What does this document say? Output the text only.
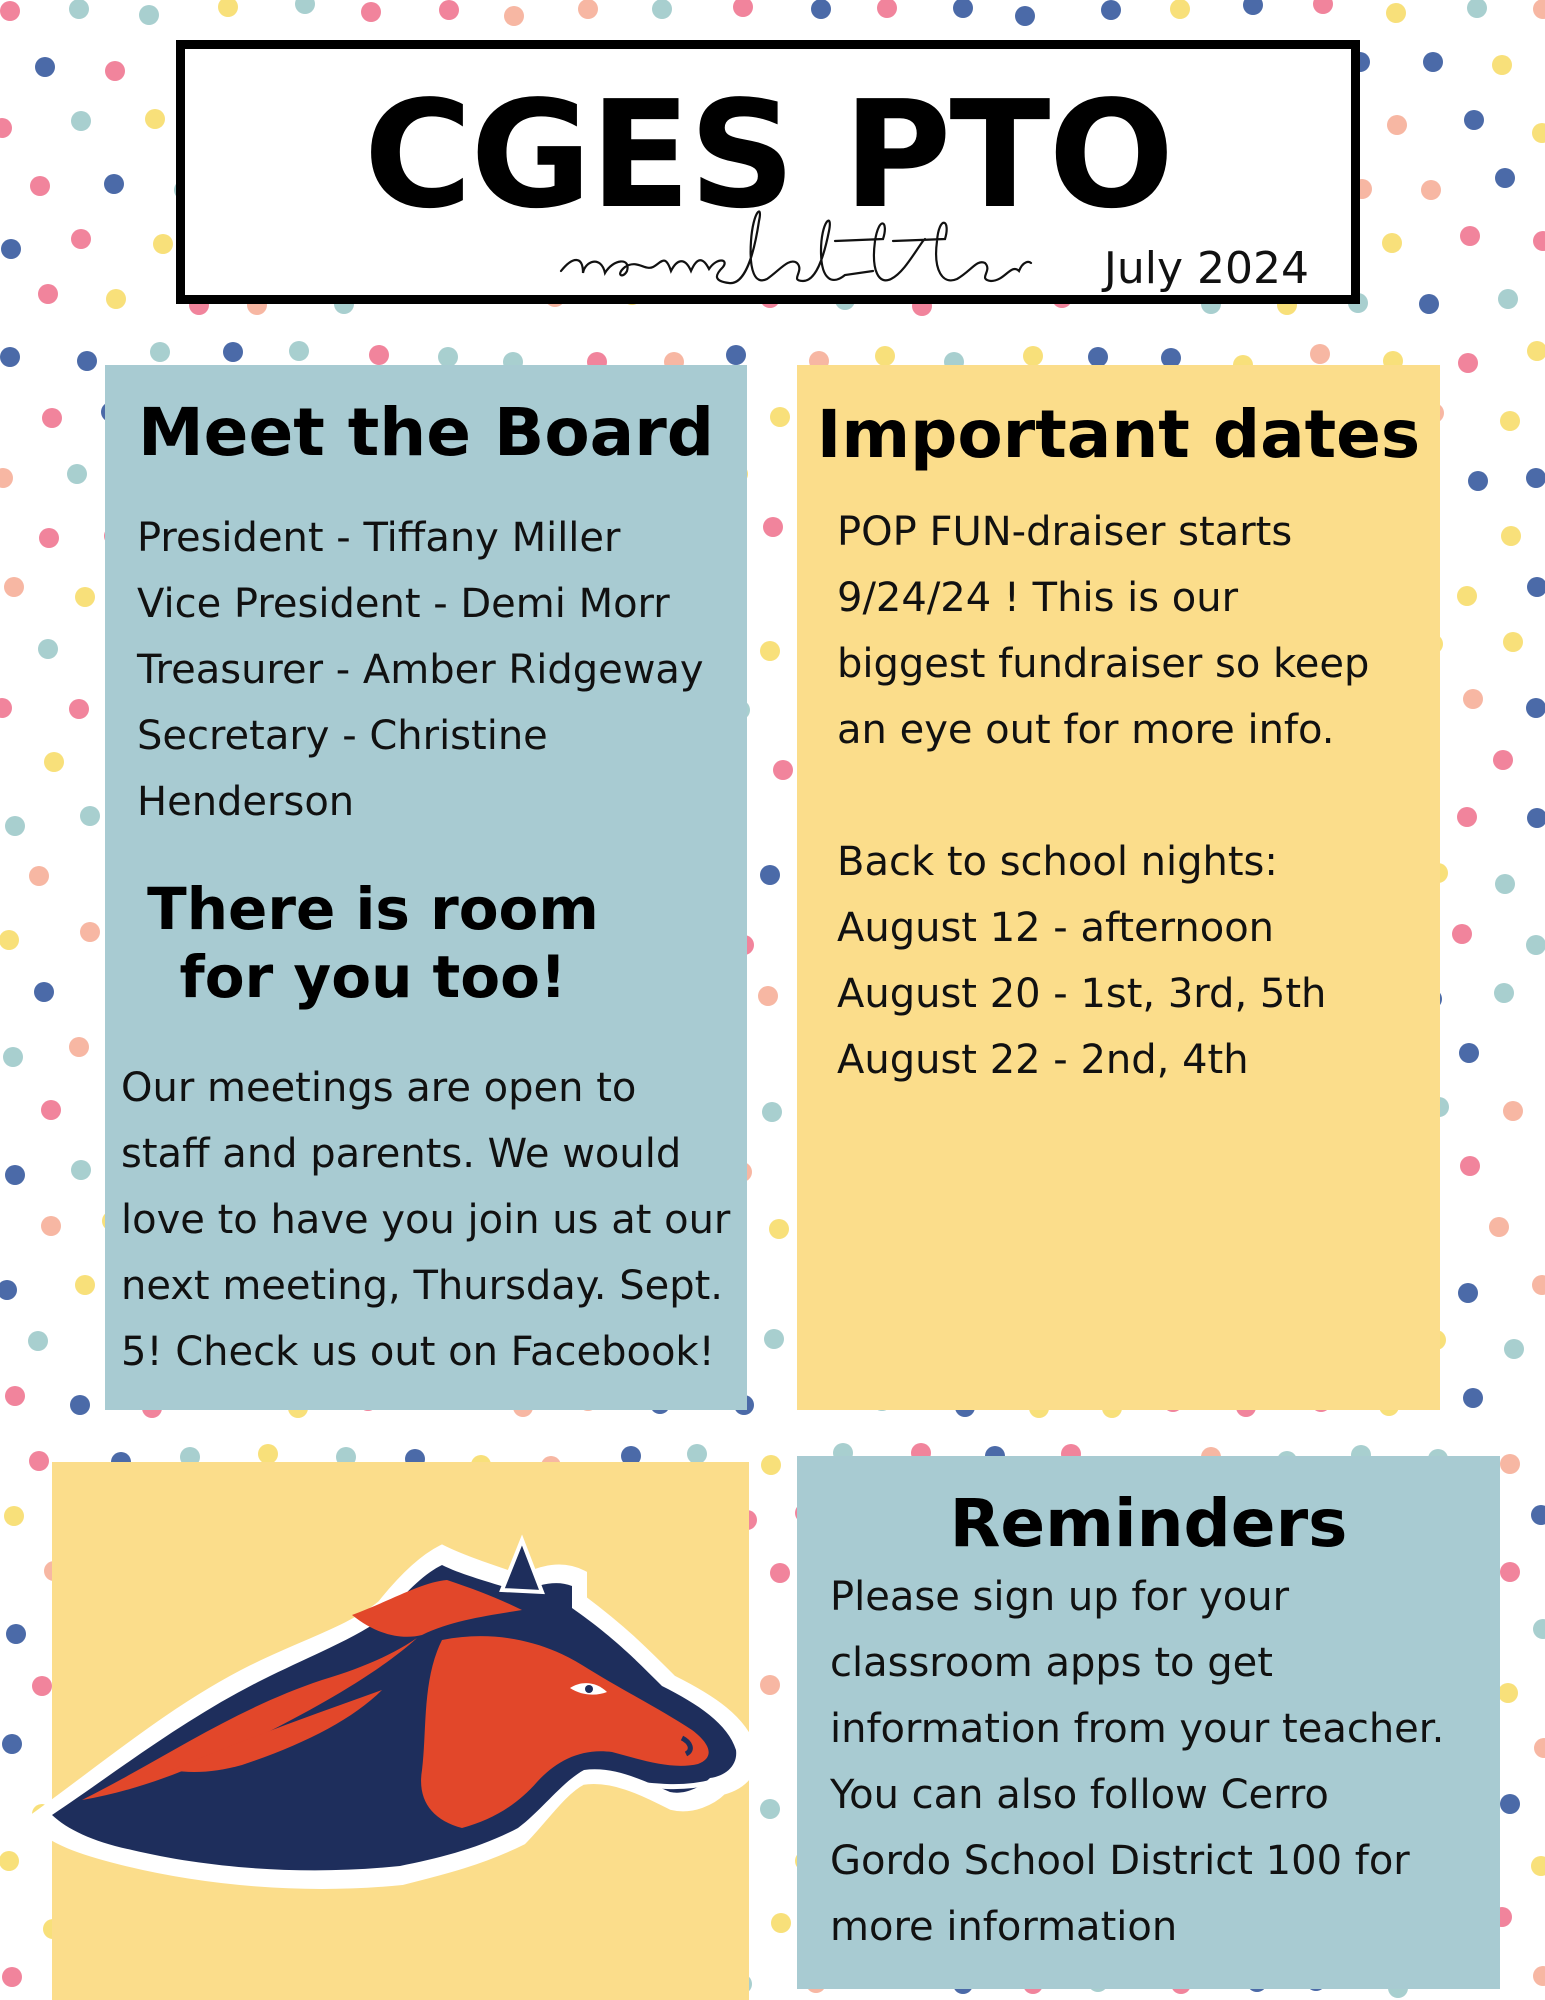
CGES PTO
July 2024
Meet the Board
President - Tiffany Miller
Vice President - Demi Morr
Treasurer - Amber Ridgeway
Secretary - Christine
Henderson
There is room
for you too!
Our meetings are open to
staff and parents. We would
love to have you join us at our
next meeting, Thursday. Sept.
5! Check us out on Facebook!
Important dates
POP FUN-draiser starts
9/24/24 ! This is our
biggest fundraiser so keep
an eye out for more info.
Back to school nights:
August 12 - afternoon
August 20 - 1st, 3rd, 5th
August 22 - 2nd, 4th
Reminders
Please sign up for your
classroom apps to get
information from your teacher.
You can also follow Cerro
Gordo School District 100 for
more information
